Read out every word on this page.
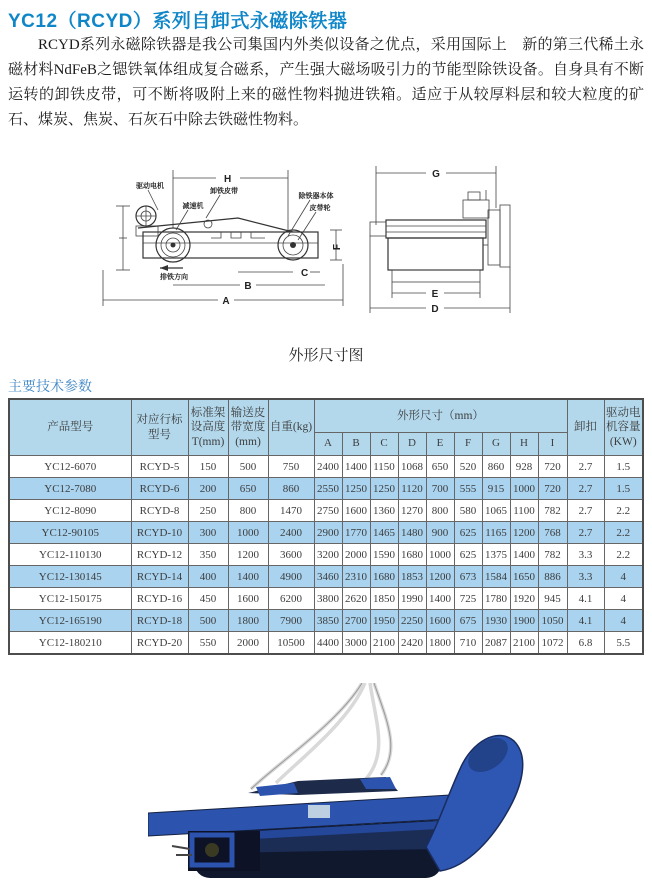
YC12（RCYD）系列自卸式永磁除铁器

RCYD系列永磁除铁器是我公司集国内外类似设备之优点，采用国际上　新的第三代稀土永磁材料NdFeB之锶铁氧体组成复合磁系，产生强大磁场吸引力的节能型除铁设备。自身具有不断运转的卸铁皮带，可不断将吸附上来的磁性物料抛进铁箱。适应于从较厚料层和较大粒度的矿石、煤炭、焦炭、石灰石中除去铁磁性物料。

H
驱动电机
卸铁皮带
减速机
除铁器本体
皮带轮
F
排铁方向	C
B
A
G
E
D

外形尺寸图

主要技术参数
产品型号	对应行标型号	标准架设高度T(mm)	输送皮带宽度(mm)	自重(kg)	外形尺寸（mm）									卸扣	驱动电机容量(KW)
					A	B	C	D	E	F	G	H	I		
YC12-6070	RCYD-5	150	500	750	2400	1400	1150	1068	650	520	860	928	720	2.7	1.5
YC12-7080	RCYD-6	200	650	860	2550	1250	1250	1120	700	555	915	1000	720	2.7	1.5
YC12-8090	RCYD-8	250	800	1470	2750	1600	1360	1270	800	580	1065	1100	782	2.7	2.2
YC12-90105	RCYD-10	300	1000	2400	2900	1770	1465	1480	900	625	1165	1200	768	2.7	2.2
YC12-110130	RCYD-12	350	1200	3600	3200	2000	1590	1680	1000	625	1375	1400	782	3.3	2.2
YC12-130145	RCYD-14	400	1400	4900	3460	2310	1680	1853	1200	673	1584	1650	886	3.3	4
YC12-150175	RCYD-16	450	1600	6200	3800	2620	1850	1990	1400	725	1780	1920	945	4.1	4
YC12-165190	RCYD-18	500	1800	7900	3850	2700	1950	2250	1600	675	1930	1900	1050	4.1	4
YC12-180210	RCYD-20	550	2000	10500	4400	3000	2100	2420	1800	710	2087	2100	1072	6.8	5.5
